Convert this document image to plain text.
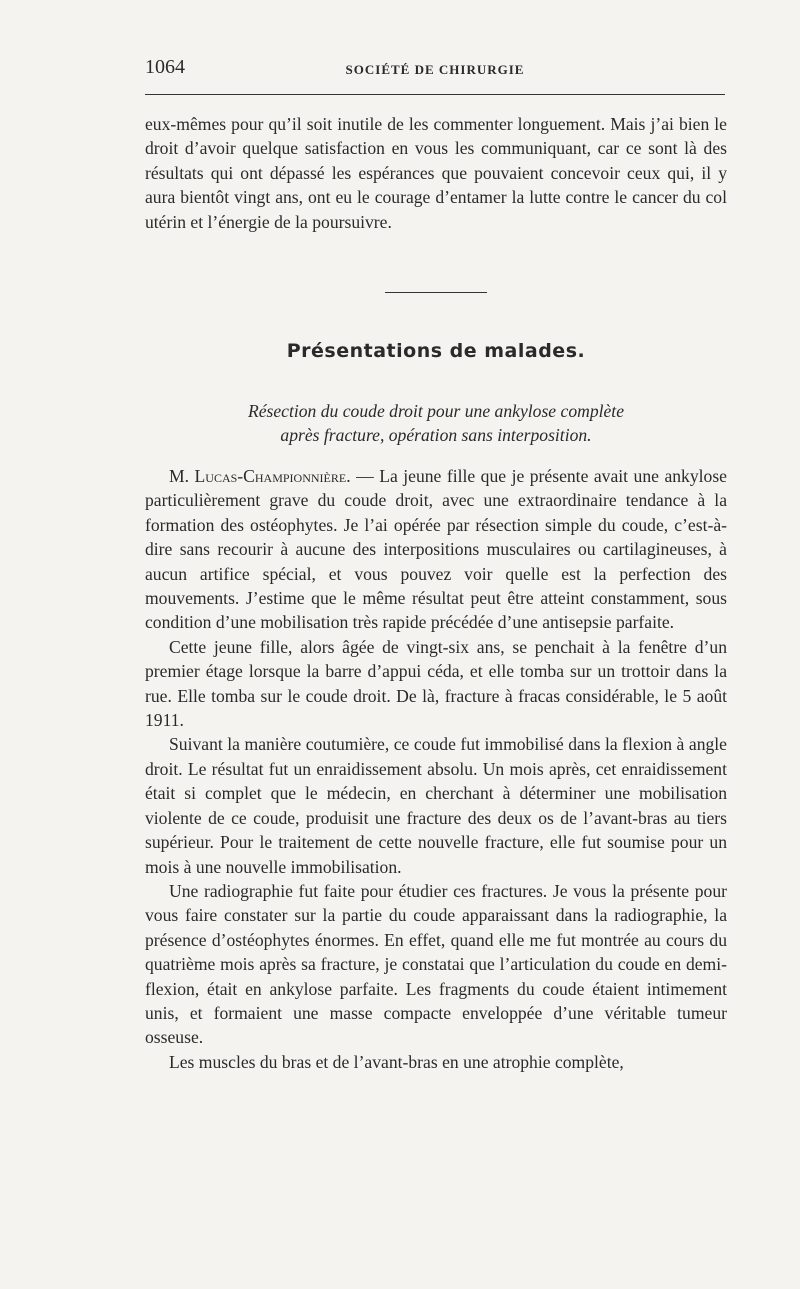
1064	SOCIÉTÉ DE CHIRURGIE

eux-mêmes pour qu’il soit inutile de les commenter longuement. Mais j’ai bien le droit d’avoir quelque satisfaction en vous les communiquant, car ce sont là des résultats qui ont dépassé les espérances que pouvaient concevoir ceux qui, il y aura bientôt vingt ans, ont eu le courage d’entamer la lutte contre le cancer du col utérin et l’énergie de la poursuivre.

Présentations de malades.
Résection du coude droit pour une ankylose complète
après fracture, opération sans interposition.

M. Lucas-Championnière. — La jeune fille que je présente avait une ankylose particulièrement grave du coude droit, avec une extraordinaire tendance à la formation des ostéophytes. Je l’ai opérée par résection simple du coude, c’est-à-dire sans recourir à aucune des interpositions musculaires ou cartilagineuses, à aucun artifice spécial, et vous pouvez voir quelle est la perfection des mouvements. J’estime que le même résultat peut être atteint constamment, sous condition d’une mobilisation très rapide précédée d’une antisepsie parfaite.

Cette jeune fille, alors âgée de vingt-six ans, se penchait à la fenêtre d’un premier étage lorsque la barre d’appui céda, et elle tomba sur un trottoir dans la rue. Elle tomba sur le coude droit. De là, fracture à fracas considérable, le 5 août 1911.

Suivant la manière coutumière, ce coude fut immobilisé dans la flexion à angle droit. Le résultat fut un enraidissement absolu. Un mois après, cet enraidissement était si complet que le médecin, en cherchant à déterminer une mobilisation violente de ce coude, produisit une fracture des deux os de l’avant-bras au tiers supérieur. Pour le traitement de cette nouvelle fracture, elle fut soumise pour un mois à une nouvelle immobilisation.

Une radiographie fut faite pour étudier ces fractures. Je vous la présente pour vous faire constater sur la partie du coude apparaissant dans la radiographie, la présence d’ostéophytes énormes. En effet, quand elle me fut montrée au cours du quatrième mois après sa fracture, je constatai que l’articulation du coude en demi-flexion, était en ankylose parfaite. Les fragments du coude étaient intimement unis, et formaient une masse compacte enveloppée d’une véritable tumeur osseuse.

Les muscles du bras et de l’avant-bras en une atrophie complète,
